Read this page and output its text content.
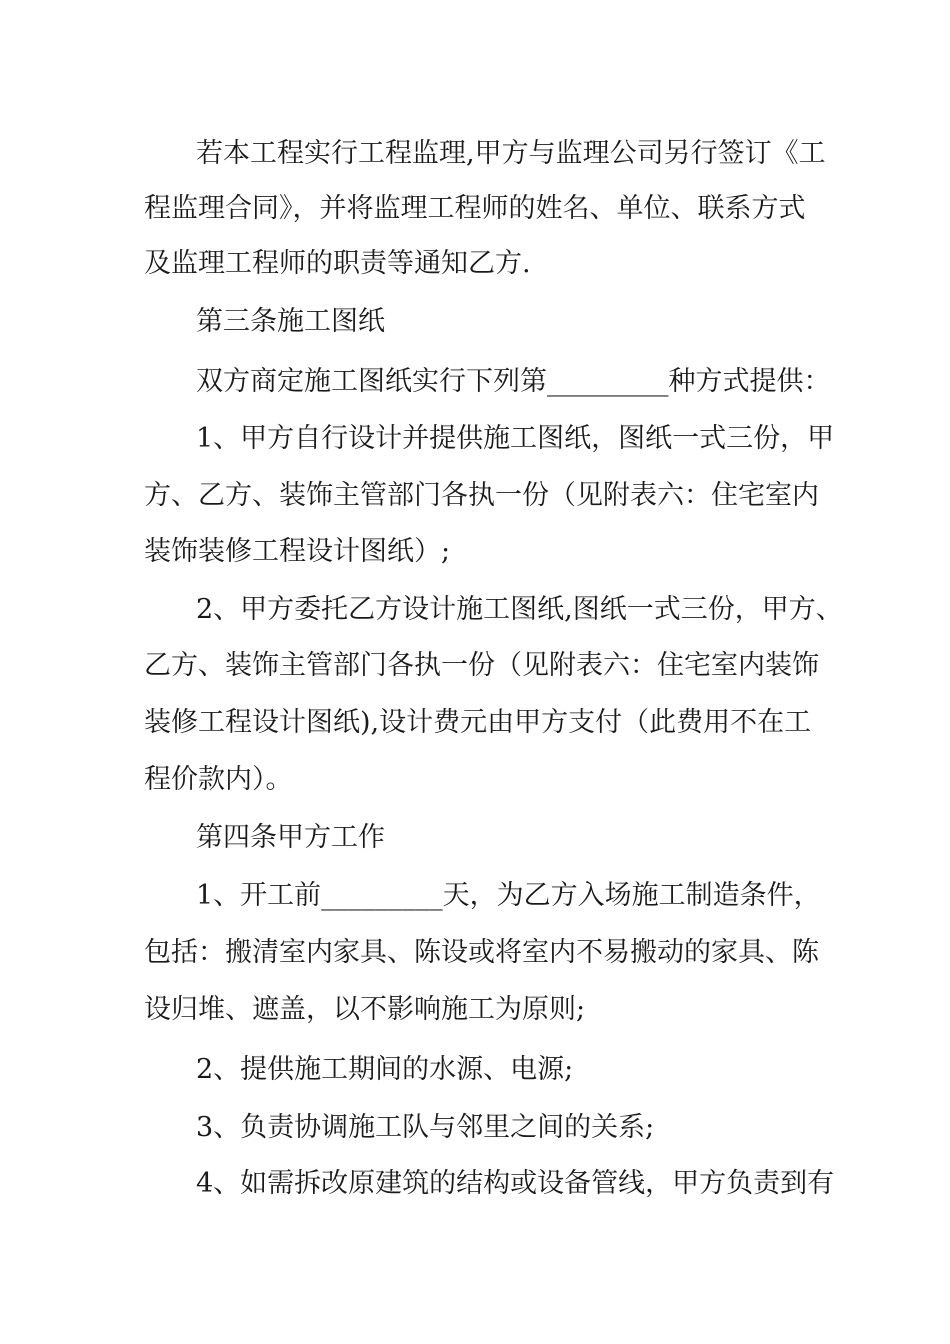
若本工程实行工程监理,甲方与监理公司另行签订《工
程监理合同》，并将监理工程师的姓名、单位、联系方式
及监理工程师的职责等通知乙方.
第三条施工图纸
双方商定施工图纸实行下列第_________种方式提供：
1、甲方自行设计并提供施工图纸，图纸一式三份，甲
方、乙方、装饰主管部门各执一份（见附表六：住宅室内
装饰装修工程设计图纸）;
2、甲方委托乙方设计施工图纸,图纸一式三份，甲方、
乙方、装饰主管部门各执一份（见附表六：住宅室内装饰
装修工程设计图纸),设计费元由甲方支付（此费用不在工
程价款内）。
第四条甲方工作
1、开工前_________天，为乙方入场施工制造条件，
包括：搬清室内家具、陈设或将室内不易搬动的家具、陈
设归堆、遮盖，以不影响施工为原则;
2、提供施工期间的水源、电源;
3、负责协调施工队与邻里之间的关系;
4、如需拆改原建筑的结构或设备管线，甲方负责到有
